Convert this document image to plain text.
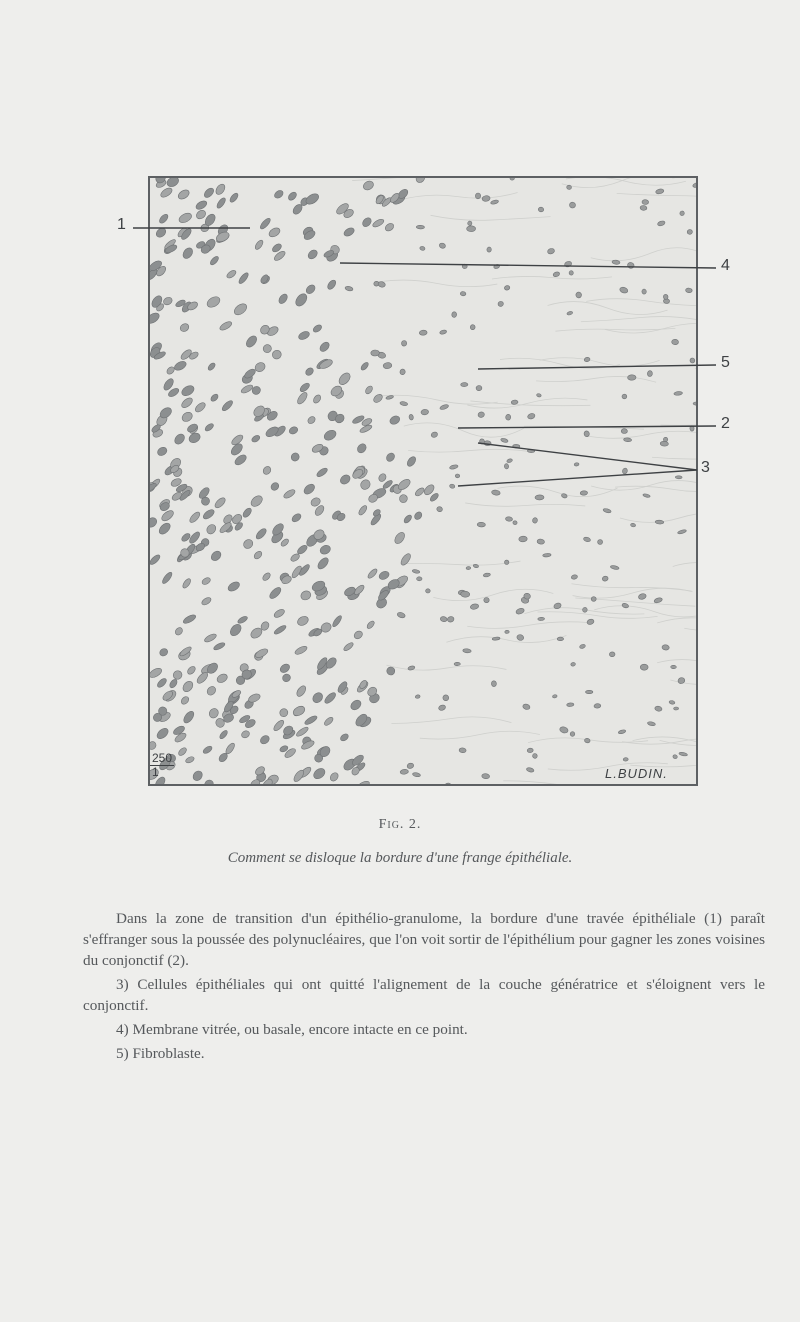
1
4
5
2
3
$\frac{250}{1}$	L.BUDIN.
Fig. 2.
Comment se disloque la bordure d'une frange épithéliale.

Dans la zone de transition d'un épithélio-granulome, la bordure d'une travée épithéliale (1) paraît s'effranger sous la poussée des polynucléaires, que l'on voit sortir de l'épithélium pour gagner les zones voisines du conjonctif (2).

3) Cellules épithéliales qui ont quitté l'alignement de la couche génératrice et s'éloignent vers le conjonctif.

4) Membrane vitrée, ou basale, encore intacte en ce point.

5) Fibroblaste.
